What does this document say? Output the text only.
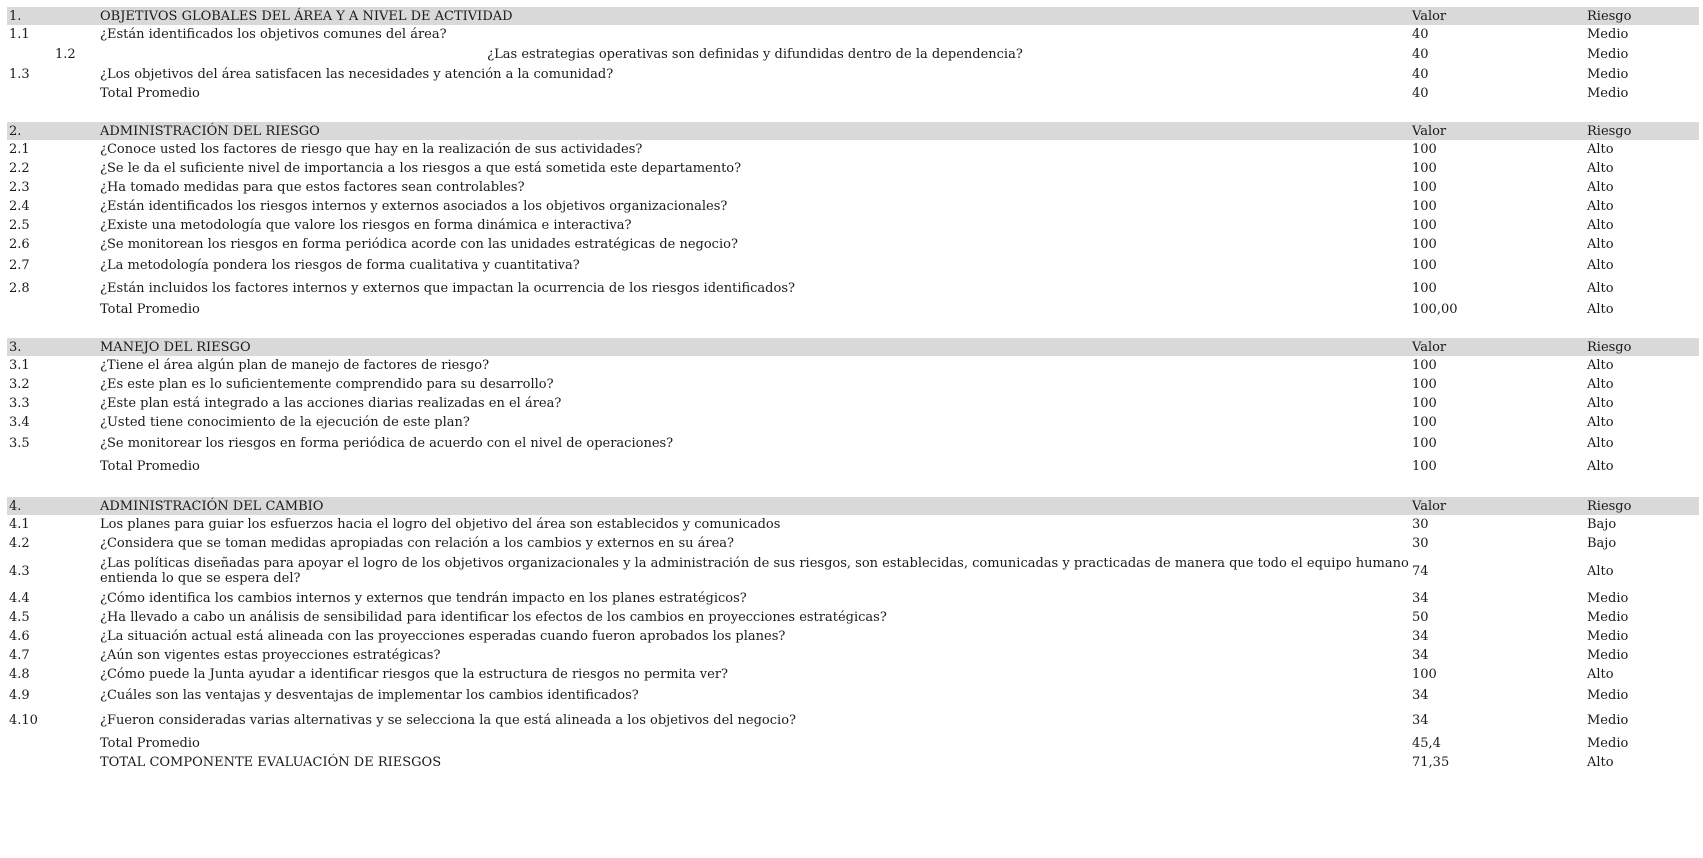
1.	OBJETIVOS GLOBALES DEL ÁREA Y A NIVEL DE ACTIVIDAD	Valor	Riesgo
1.1	¿Están identificados los objetivos comunes del área?	40	Medio
1.2	¿Las estrategias operativas son definidas y difundidas dentro de la dependencia?	40	Medio
1.3	¿Los objetivos del área satisfacen las necesidades y atención a la comunidad?	40	Medio
	Total Promedio	40	Medio

2.	ADMINISTRACIÓN DEL RIESGO	Valor	Riesgo
2.1	¿Conoce usted los factores de riesgo que hay en la realización de sus actividades?	100	Alto
2.2	¿Se le da el suficiente nivel de importancia a los riesgos a que está sometida este departamento?	100	Alto
2.3	¿Ha tomado medidas para que estos factores sean controlables?	100	Alto
2.4	¿Están identificados los riesgos internos y externos asociados a los objetivos organizacionales?	100	Alto
2.5	¿Existe una metodología que valore los riesgos en forma dinámica e interactiva?	100	Alto
2.6	¿Se monitorean los riesgos en forma periódica acorde con las unidades estratégicas de negocio?	100	Alto
2.7	¿La metodología pondera los riesgos de forma cualitativa y cuantitativa?	100	Alto
2.8	¿Están incluidos los factores internos y externos que impactan la ocurrencia de los riesgos identificados?	100	Alto
	Total Promedio	100,00	Alto

3.	MANEJO DEL RIESGO	Valor	Riesgo
3.1	¿Tiene el área algún plan de manejo de factores de riesgo?	100	Alto
3.2	¿Es este plan es lo suficientemente comprendido para su desarrollo?	100	Alto
3.3	¿Este plan está integrado a las acciones diarias realizadas en el área?	100	Alto
3.4	¿Usted tiene conocimiento de la ejecución de este plan?	100	Alto
3.5	¿Se monitorear los riesgos en forma periódica de acuerdo con el nivel de operaciones?	100	Alto
	Total Promedio	100	Alto

4.	ADMINISTRACIÓN DEL CAMBIO	Valor	Riesgo
4.1	Los planes para guiar los esfuerzos hacia el logro del objetivo del área son establecidos y comunicados	30	Bajo
4.2	¿Considera que se toman medidas apropiadas con relación a los cambios y externos en su área?	30	Bajo
4.3	¿Las políticas diseñadas para apoyar el logro de los objetivos organizacionales y la administración de sus riesgos, son establecidas, comunicadas y practicadas de manera que todo el equipo humano entienda lo que se espera del?	74	Alto
4.4	¿Cómo identifica los cambios internos y externos que tendrán impacto en los planes estratégicos?	34	Medio
4.5	¿Ha llevado a cabo un análisis de sensibilidad para identificar los efectos de los cambios en proyecciones estratégicas?	50	Medio
4.6	¿La situación actual está alineada con las proyecciones esperadas cuando fueron aprobados los planes?	34	Medio
4.7	¿Aún son vigentes estas proyecciones estratégicas?	34	Medio
4.8	¿Cómo puede la Junta ayudar a identificar riesgos que la estructura de riesgos no permita ver?	100	Alto
4.9	¿Cuáles son las ventajas y desventajas de implementar los cambios identificados?	34	Medio
4.10	¿Fueron consideradas varias alternativas y se selecciona la que está alineada a los objetivos del negocio?	34	Medio
	Total Promedio	45,4	Medio
	TOTAL COMPONENTE EVALUACIÓN DE RIESGOS	71,35	Alto
